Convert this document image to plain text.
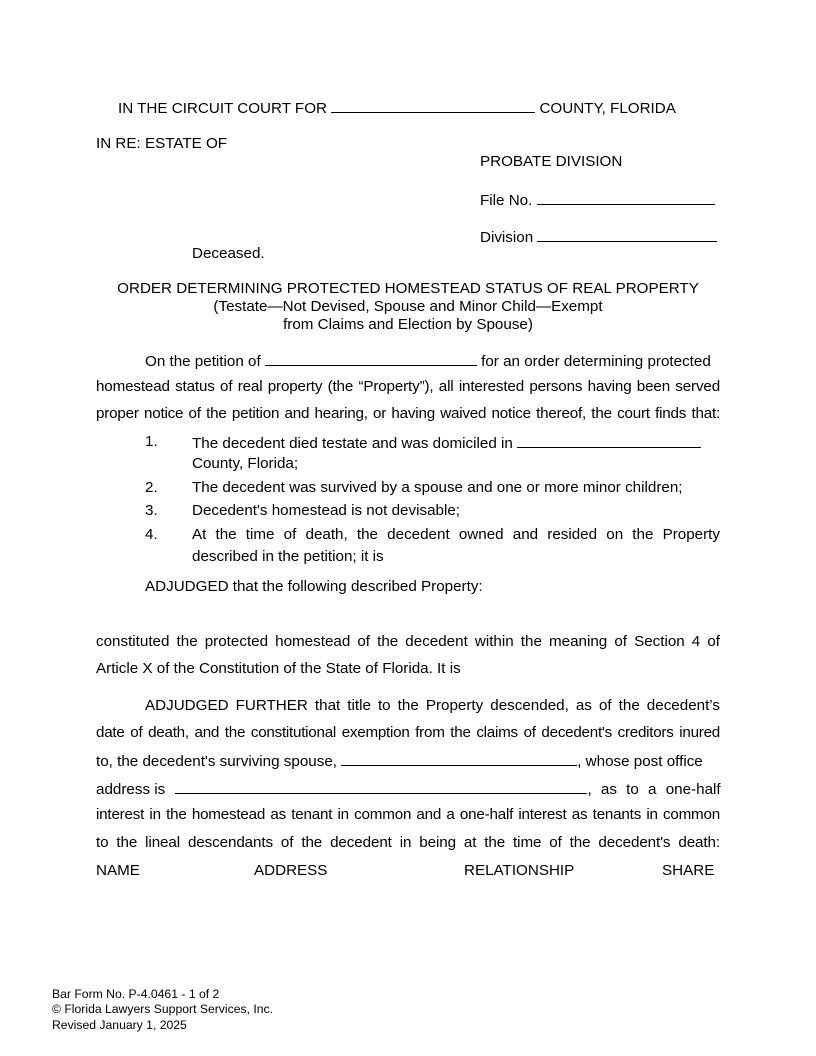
IN THE CIRCUIT COURT FOR	COUNTY, FLORIDA
IN RE: ESTATE OF
PROBATE DIVISION
File No.
Division
Deceased.
ORDER DETERMINING PROTECTED HOMESTEAD STATUS OF REAL PROPERTY
(Testate—Not Devised, Spouse and Minor Child—Exempt
from Claims and Election by Spouse)
On the petition of	for an order determining protected
homestead status of real property (the “Property”), all interested persons having been served
proper notice of the petition and hearing, or having waived notice thereof, the court finds that:
1. The decedent died testate and was domiciled in
County, Florida;
2. The decedent was survived by a spouse and one or more minor children;
3. Decedent's homestead is not devisable;
4. At the time of death, the decedent owned and resided on the Property
described in the petition; it is
ADJUDGED that the following described Property:
constituted the protected homestead of the decedent within the meaning of Section 4 of
Article X of the Constitution of the State of Florida. It is
ADJUDGED FURTHER that title to the Property descended, as of the decedent’s
date of death, and the constitutional exemption from the claims of decedent's creditors inured
to, the decedent's surviving spouse,	, whose post office
address is	, as to a one-half
interest in the homestead as tenant in common and a one-half interest as tenants in common
to the lineal descendants of the decedent in being at the time of the decedent's death:
NAME	ADDRESS	RELATIONSHIP	SHARE
Bar Form No. P-4.0461 - 1 of 2
© Florida Lawyers Support Services, Inc.
Revised January 1, 2025
